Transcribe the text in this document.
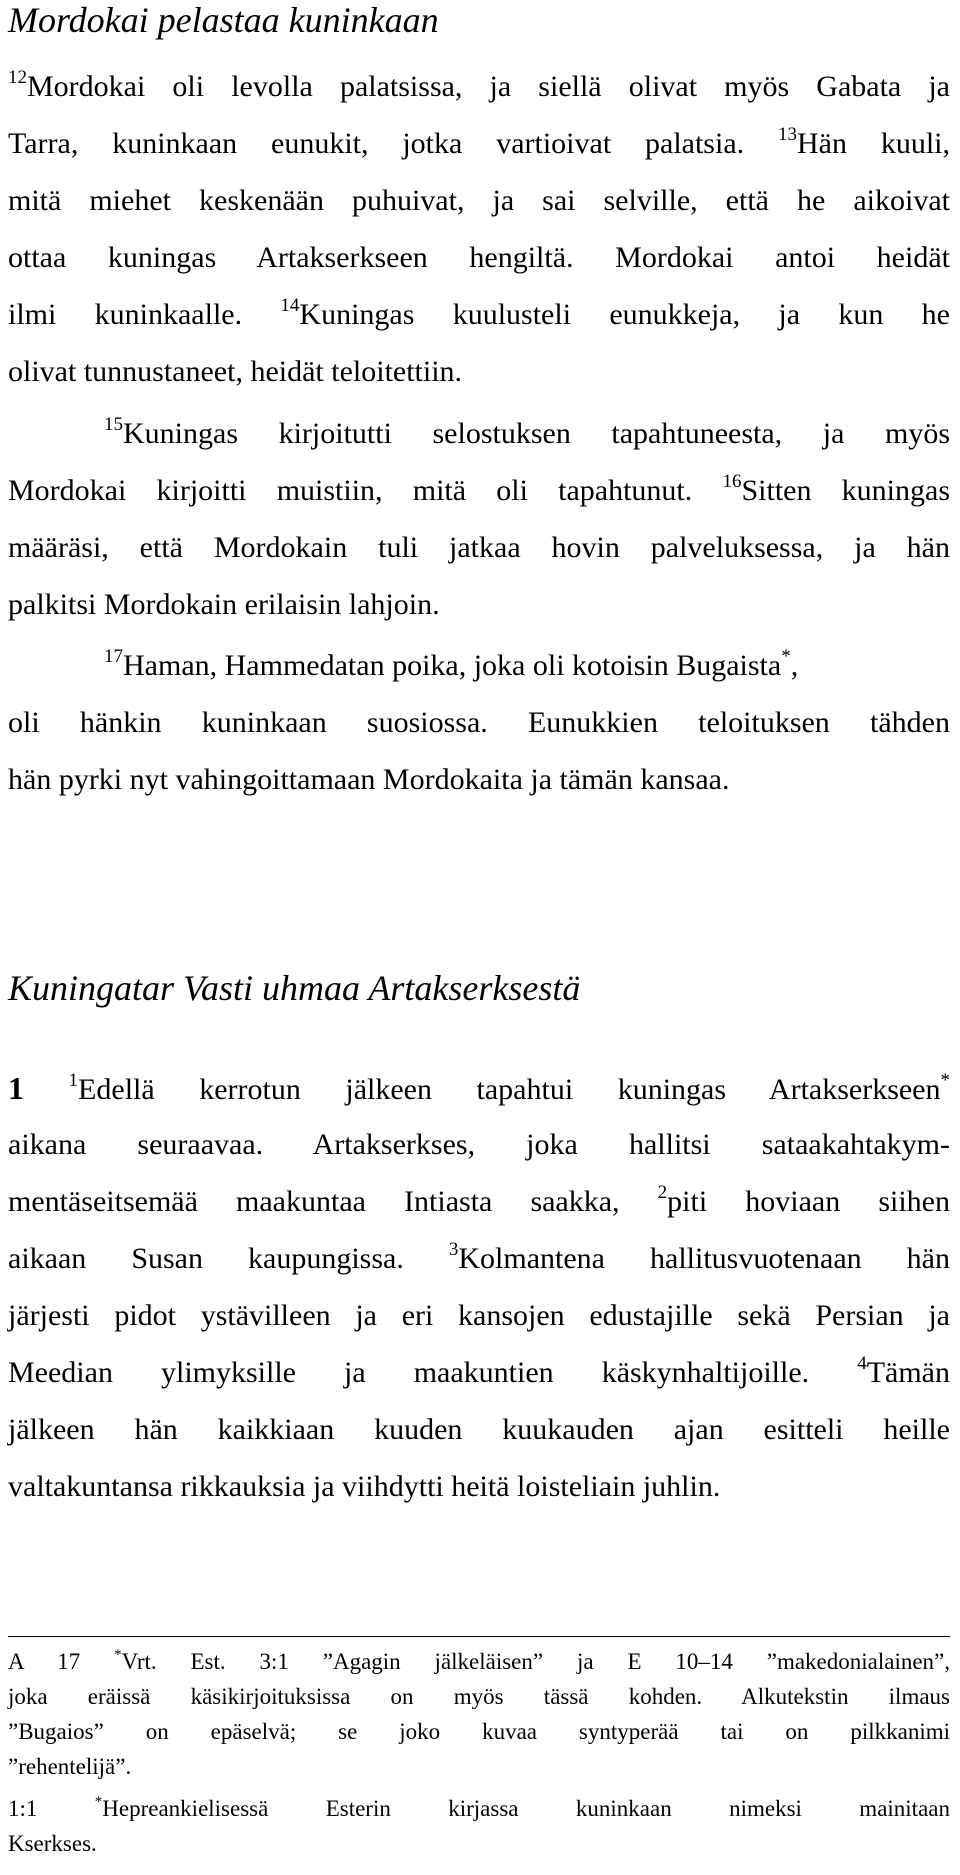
Mordokai pelastaa kuninkaan
$^{12}$Mordokai oli levolla palatsissa, ja siellä olivat myös Gabata ja
Tarra, kuninkaan eunukit, jotka vartioivat palatsia. $^{13}$Hän kuuli,
mitä miehet keskenään puhuivat, ja sai selville, että he aikoivat
ottaa kuningas Artakserkseen hengiltä. Mordokai antoi heidät
ilmi kuninkaalle. $^{14}$Kuningas kuulusteli eunukkeja, ja kun he
olivat tunnustaneet, heidät teloitettiin.
$^{15}$Kuningas kirjoitutti selostuksen tapahtuneesta, ja myös
Mordokai kirjoitti muistiin, mitä oli tapahtunut. $^{16}$Sitten kuningas
määräsi, että Mordokain tuli jatkaa hovin palveluksessa, ja hän
palkitsi Mordokain erilaisin lahjoin.
$^{17}$Haman, Hammedatan poika, joka oli kotoisin Bugaista*,
oli hänkin kuninkaan suosiossa. Eunukkien teloituksen tähden
hän pyrki nyt vahingoittamaan Mordokaita ja tämän kansaa.
Kuningatar Vasti uhmaa Artakserksestä
1 $^1$Edellä kerrotun jälkeen tapahtui kuningas Artakserkseen*
aikana seuraavaa. Artakserkses, joka hallitsi sataakahtakym-
mentäseitsemää maakuntaa Intiasta saakka, $^2$piti hoviaan siihen
aikaan Susan kaupungissa. $^3$Kolmantena hallitusvuotenaan hän
järjesti pidot ystävilleen ja eri kansojen edustajille sekä Persian ja
Meedian ylimyksille ja maakuntien käskynhaltijoille. $^4$Tämän
jälkeen hän kaikkiaan kuuden kuukauden ajan esitteli heille
valtakuntansa rikkauksia ja viihdytti heitä loisteliain juhlin.
A 17 *Vrt. Est. 3:1 ”Agagin jälkeläisen” ja E 10–14 ”makedonialainen”,
joka eräissä käsikirjoituksissa on myös tässä kohden. Alkutekstin ilmaus
”Bugaios” on epäselvä; se joko kuvaa syntyperää tai on pilkkanimi
”rehentelijä”.
1:1 *Hepreankielisessä Esterin kirjassa kuninkaan nimeksi mainitaan
Kserkses.
